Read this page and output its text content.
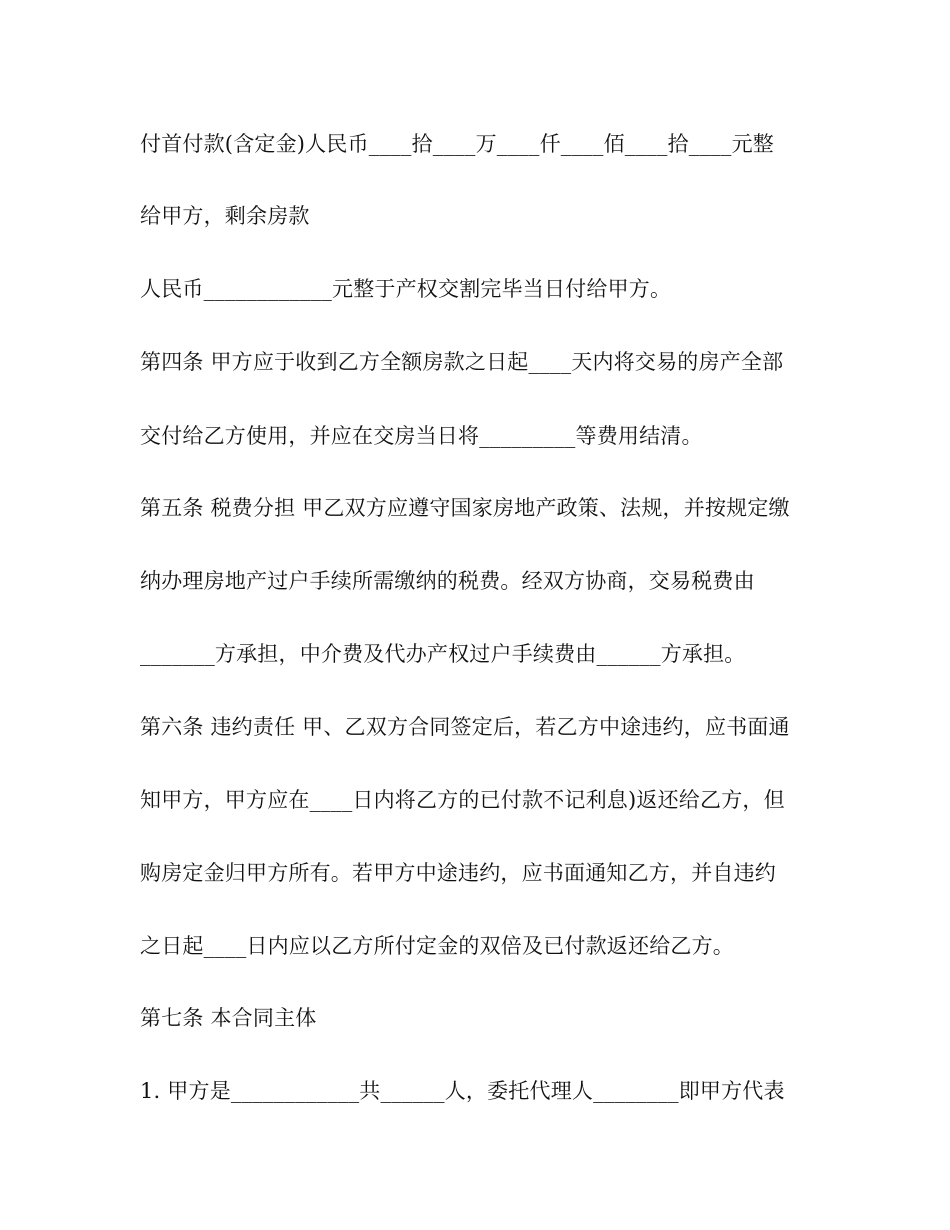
付首付款(含定金)人民币____拾____万____仟____佰____拾____元整
给甲方，剩余房款
人民币____________元整于产权交割完毕当日付给甲方。
第四条 甲方应于收到乙方全额房款之日起____天内将交易的房产全部
交付给乙方使用，并应在交房当日将_________等费用结清。
第五条 税费分担 甲乙双方应遵守国家房地产政策、法规，并按规定缴
纳办理房地产过户手续所需缴纳的税费。经双方协商，交易税费由
_______方承担，中介费及代办产权过户手续费由______方承担。
第六条 违约责任 甲、乙双方合同签定后，若乙方中途违约，应书面通
知甲方，甲方应在____日内将乙方的已付款不记利息)返还给乙方，但
购房定金归甲方所有。若甲方中途违约，应书面通知乙方，并自违约
之日起____日内应以乙方所付定金的双倍及已付款返还给乙方。
第七条 本合同主体
1. 甲方是____________共______人，委托代理人________即甲方代表
